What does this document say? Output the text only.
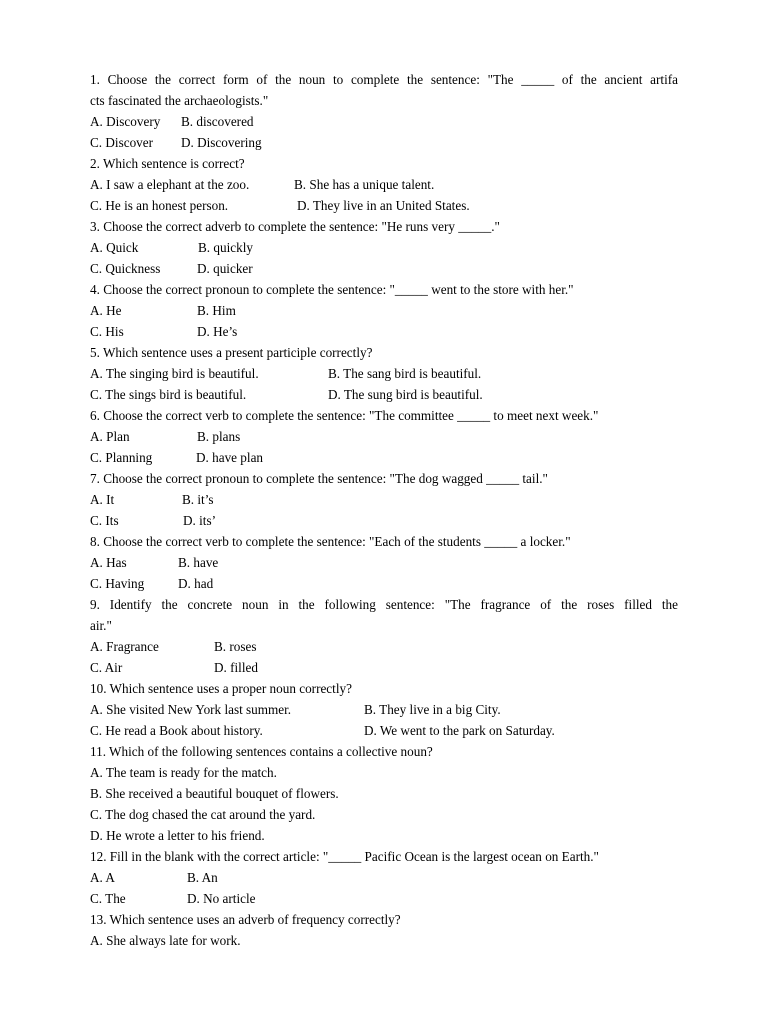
1. Choose the correct form of the noun to complete the sentence: "The _____ of the ancient artifa
cts fascinated the archaeologists."
A. Discovery B. discovered
C. Discover D. Discovering
2. Which sentence is correct?
A. I saw a elephant at the zoo.	B. She has a unique talent.
C. He is an honest person.	D. They live in an United States.
3. Choose the correct adverb to complete the sentence: "He runs very _____."
A. Quick	B. quickly
C. Quickness	D. quicker
4. Choose the correct pronoun to complete the sentence: "_____ went to the store with her."
A. He	B. Him
C. His	D. He’s
5. Which sentence uses a present participle correctly?
A. The singing bird is beautiful.	B. The sang bird is beautiful.
C. The sings bird is beautiful.	D. The sung bird is beautiful.
6. Choose the correct verb to complete the sentence: "The committee _____ to meet next week."
A. Plan	B. plans
C. Planning	D. have plan
7. Choose the correct pronoun to complete the sentence: "The dog wagged _____ tail."
A. It	B. it’s
C. Its	D. its’
8. Choose the correct verb to complete the sentence: "Each of the students _____ a locker."
A. Has	B. have
C. Having	D. had
9. Identify the concrete noun in the following sentence: "The fragrance of the roses filled the
air."
A. Fragrance	B. roses
C. Air	D. filled
10. Which sentence uses a proper noun correctly?
A. She visited New York last summer.	B. They live in a big City.
C. He read a Book about history.	D. We went to the park on Saturday.
11. Which of the following sentences contains a collective noun?
A. The team is ready for the match.
B. She received a beautiful bouquet of flowers.
C. The dog chased the cat around the yard.
D. He wrote a letter to his friend.
12. Fill in the blank with the correct article: "_____ Pacific Ocean is the largest ocean on Earth."
A. A	B. An
C. The	D. No article
13. Which sentence uses an adverb of frequency correctly?
A. She always late for work.
